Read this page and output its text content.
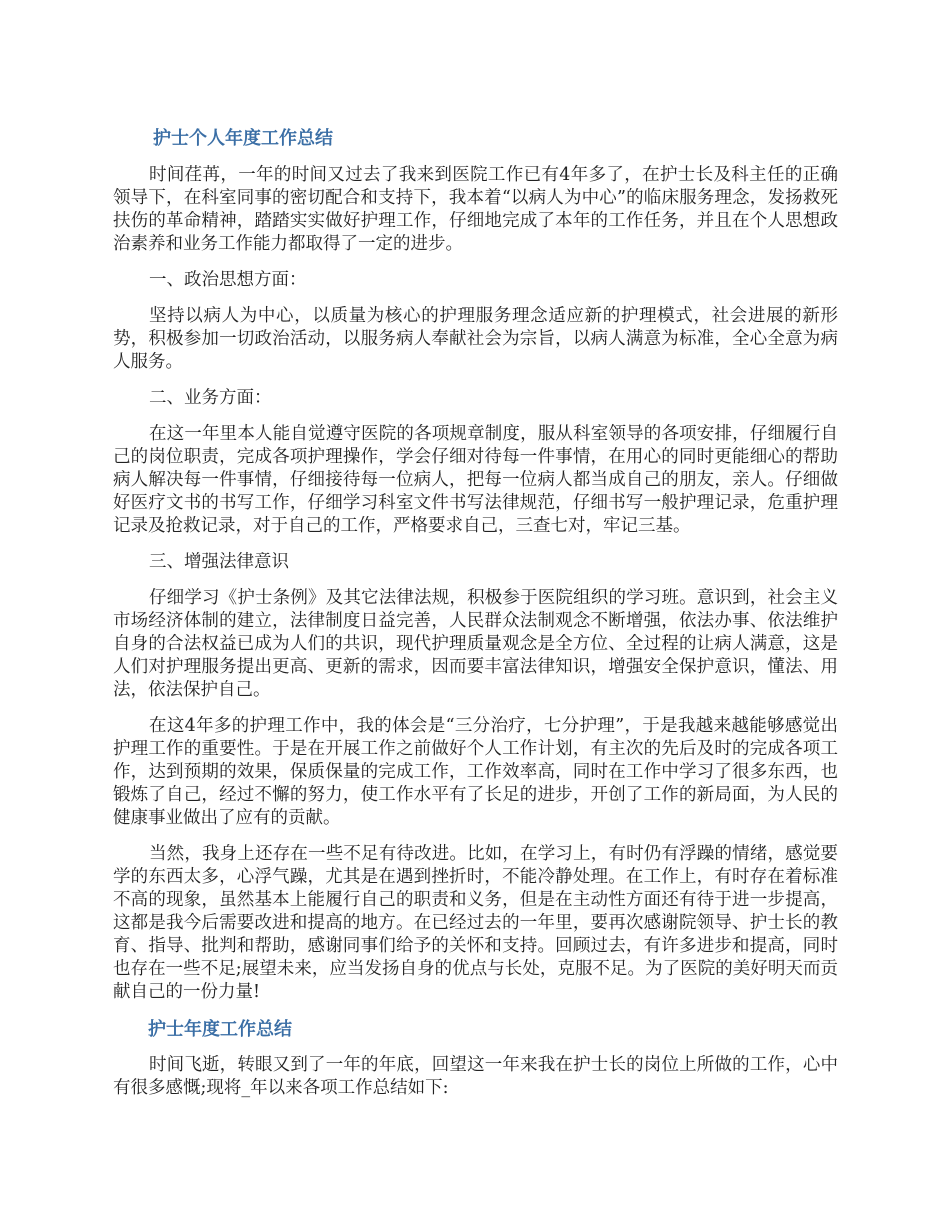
护士个人年度工作总结

时间荏苒，一年的时间又过去了我来到医院工作已有4年多了，在护士长及科主任的正确领导下，在科室同事的密切配合和支持下，我本着“以病人为中心”的临床服务理念，发扬救死扶伤的革命精神，踏踏实实做好护理工作，仔细地完成了本年的工作任务，并且在个人思想政治素养和业务工作能力都取得了一定的进步。

一、政治思想方面：

坚持以病人为中心，以质量为核心的护理服务理念适应新的护理模式，社会进展的新形势，积极参加一切政治活动，以服务病人奉献社会为宗旨，以病人满意为标准，全心全意为病人服务。

二、业务方面：

在这一年里本人能自觉遵守医院的各项规章制度，服从科室领导的各项安排，仔细履行自己的岗位职责，完成各项护理操作，学会仔细对待每一件事情，在用心的同时更能细心的帮助病人解决每一件事情，仔细接待每一位病人，把每一位病人都当成自己的朋友，亲人。仔细做好医疗文书的书写工作，仔细学习科室文件书写法律规范，仔细书写一般护理记录，危重护理记录及抢救记录，对于自己的工作，严格要求自己，三查七对，牢记三基。

三、增强法律意识

仔细学习《护士条例》及其它法律法规，积极参于医院组织的学习班。意识到，社会主义市场经济体制的建立，法律制度日益完善，人民群众法制观念不断增强，依法办事、依法维护自身的合法权益已成为人们的共识，现代护理质量观念是全方位、全过程的让病人满意，这是人们对护理服务提出更高、更新的需求，因而要丰富法律知识，增强安全保护意识，懂法、用法，依法保护自己。

在这4年多的护理工作中，我的体会是“三分治疗，七分护理”，于是我越来越能够感觉出 护理工作的重要性。于是在开展工作之前做好个人工作计划，有主次的先后及时的完成各项工作，达到预期的效果，保质保量的完成工作，工作效率高，同时在工作中学习了很多东西，也锻炼了自己，经过不懈的努力，使工作水平有了长足的进步，开创了工作的新局面，为人民的健康事业做出了应有的贡献。

当然，我身上还存在一些不足有待改进。比如，在学习上，有时仍有浮躁的情绪，感觉要学的东西太多，心浮气躁，尤其是在遇到挫折时，不能冷静处理。在工作上，有时存在着标准不高的现象，虽然基本上能履行自己的职责和义务，但是在主动性方面还有待于进一步提高，这都是我今后需要改进和提高的地方。在已经过去的一年里，要再次感谢院领导、护士长的教育、指导、批判和帮助，感谢同事们给予的关怀和支持。回顾过去，有许多进步和提高，同时也存在一些不足;展望未来，应当发扬自身的优点与长处，克服不足。为了医院的美好明天而贡献自己的一份力量!

护士年度工作总结

时间飞逝，转眼又到了一年的年底，回望这一年来我在护士长的岗位上所做的工作，心中有很多感慨;现将_年以来各项工作总结如下:
